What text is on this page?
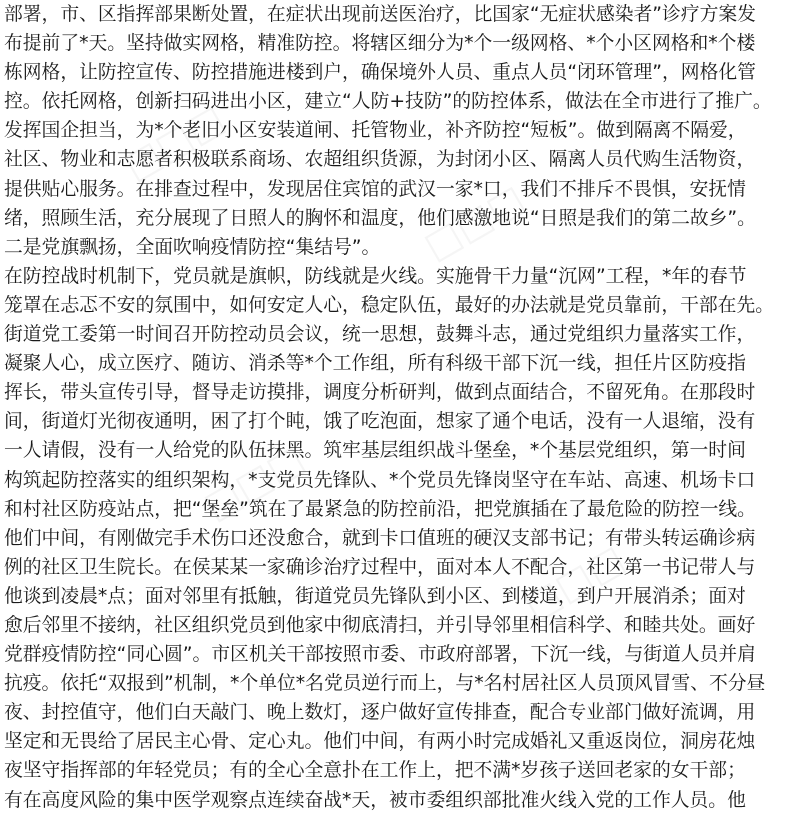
□□□
□□□
□□□
□□□
部署，市、区指挥部果断处置，在症状出现前送医治疗，比国家“无症状感染者”诊疗方案发
布提前了*天。坚持做实网格，精准防控。将辖区细分为*个一级网格、*个小区网格和*个楼
栋网格，让防控宣传、防控措施进楼到户，确保境外人员、重点人员“闭环管理”，网格化管
控。依托网格，创新扫码进出小区，建立“人防+技防”的防控体系，做法在全市进行了推广。
发挥国企担当，为*个老旧小区安装道闸、托管物业，补齐防控“短板”。做到隔离不隔爱，
社区、物业和志愿者积极联系商场、农超组织货源，为封闭小区、隔离人员代购生活物资，
提供贴心服务。在排查过程中，发现居住宾馆的武汉一家*口，我们不排斥不畏惧，安抚情
绪，照顾生活，充分展现了日照人的胸怀和温度，他们感激地说“日照是我们的第二故乡”。
二是党旗飘扬，全面吹响疫情防控“集结号”。
在防控战时机制下，党员就是旗帜，防线就是火线。实施骨干力量“沉网”工程，*年的春节
笼罩在忐忑不安的氛围中，如何安定人心，稳定队伍，最好的办法就是党员靠前，干部在先。
街道党工委第一时间召开防控动员会议，统一思想，鼓舞斗志，通过党组织力量落实工作，
凝聚人心，成立医疗、随访、消杀等*个工作组，所有科级干部下沉一线，担任片区防疫指
挥长，带头宣传引导，督导走访摸排，调度分析研判，做到点面结合，不留死角。在那段时
间，街道灯光彻夜通明，困了打个盹，饿了吃泡面，想家了通个电话，没有一人退缩，没有
一人请假，没有一人给党的队伍抹黑。筑牢基层组织战斗堡垒，*个基层党组织，第一时间
构筑起防控落实的组织架构，*支党员先锋队、*个党员先锋岗坚守在车站、高速、机场卡口
和村社区防疫站点，把“堡垒”筑在了最紧急的防控前沿，把党旗插在了最危险的防控一线。
他们中间，有刚做完手术伤口还没愈合，就到卡口值班的硬汉支部书记；有带头转运确诊病
例的社区卫生院长。在侯某某一家确诊治疗过程中，面对本人不配合，社区第一书记带人与
他谈到凌晨*点；面对邻里有抵触，街道党员先锋队到小区、到楼道，到户开展消杀；面对
愈后邻里不接纳，社区组织党员到他家中彻底清扫，并引导邻里相信科学、和睦共处。画好
党群疫情防控“同心圆”。市区机关干部按照市委、市政府部署，下沉一线，与街道人员并肩
抗疫。依托“双报到”机制，*个单位*名党员逆行而上，与*名村居社区人员顶风冒雪、不分昼
夜、封控值守，他们白天敲门、晚上数灯，逐户做好宣传排查，配合专业部门做好流调，用
坚定和无畏给了居民主心骨、定心丸。他们中间，有两小时完成婚礼又重返岗位，洞房花烛
夜坚守指挥部的年轻党员；有的全心全意扑在工作上，把不满*岁孩子送回老家的女干部；
有在高度风险的集中医学观察点连续奋战*天，被市委组织部批准火线入党的工作人员。他
